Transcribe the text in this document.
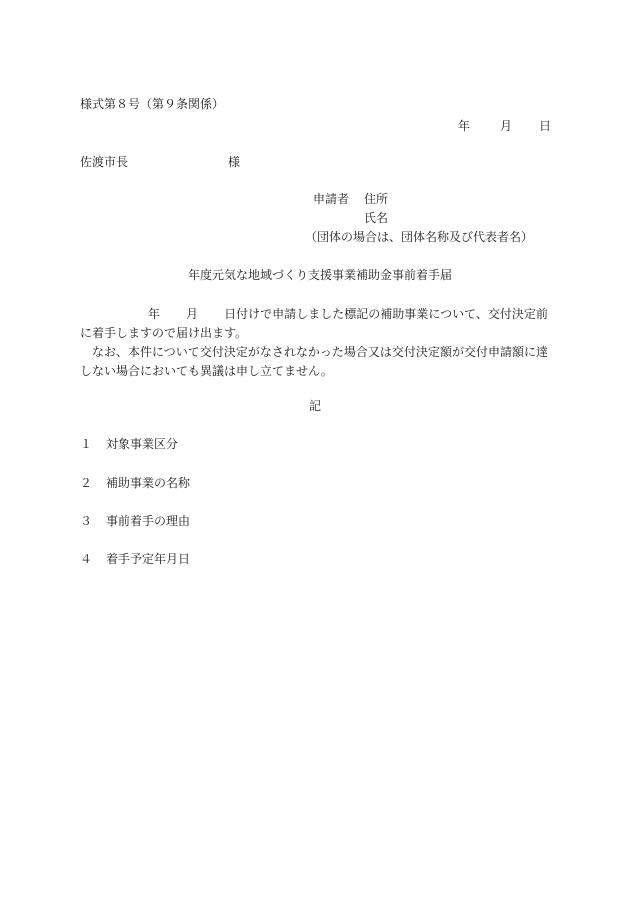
様式第８号（第９条関係）
年 月 日
佐渡市長	様
申請者 住所
氏名
（団体の場合は、団体名称及び代表者名）
年度元気な地域づくり支援事業補助金事前着手届
年 月 日付けで申請しました標記の補助事業について、交付決定前に着手しますので届け出ます。
なお、本件について交付決定がなされなかった場合又は交付決定額が交付申請額に達しない場合においても異議は申し立てません。
記
１ 対象事業区分
２ 補助事業の名称
３ 事前着手の理由
４ 着手予定年月日
